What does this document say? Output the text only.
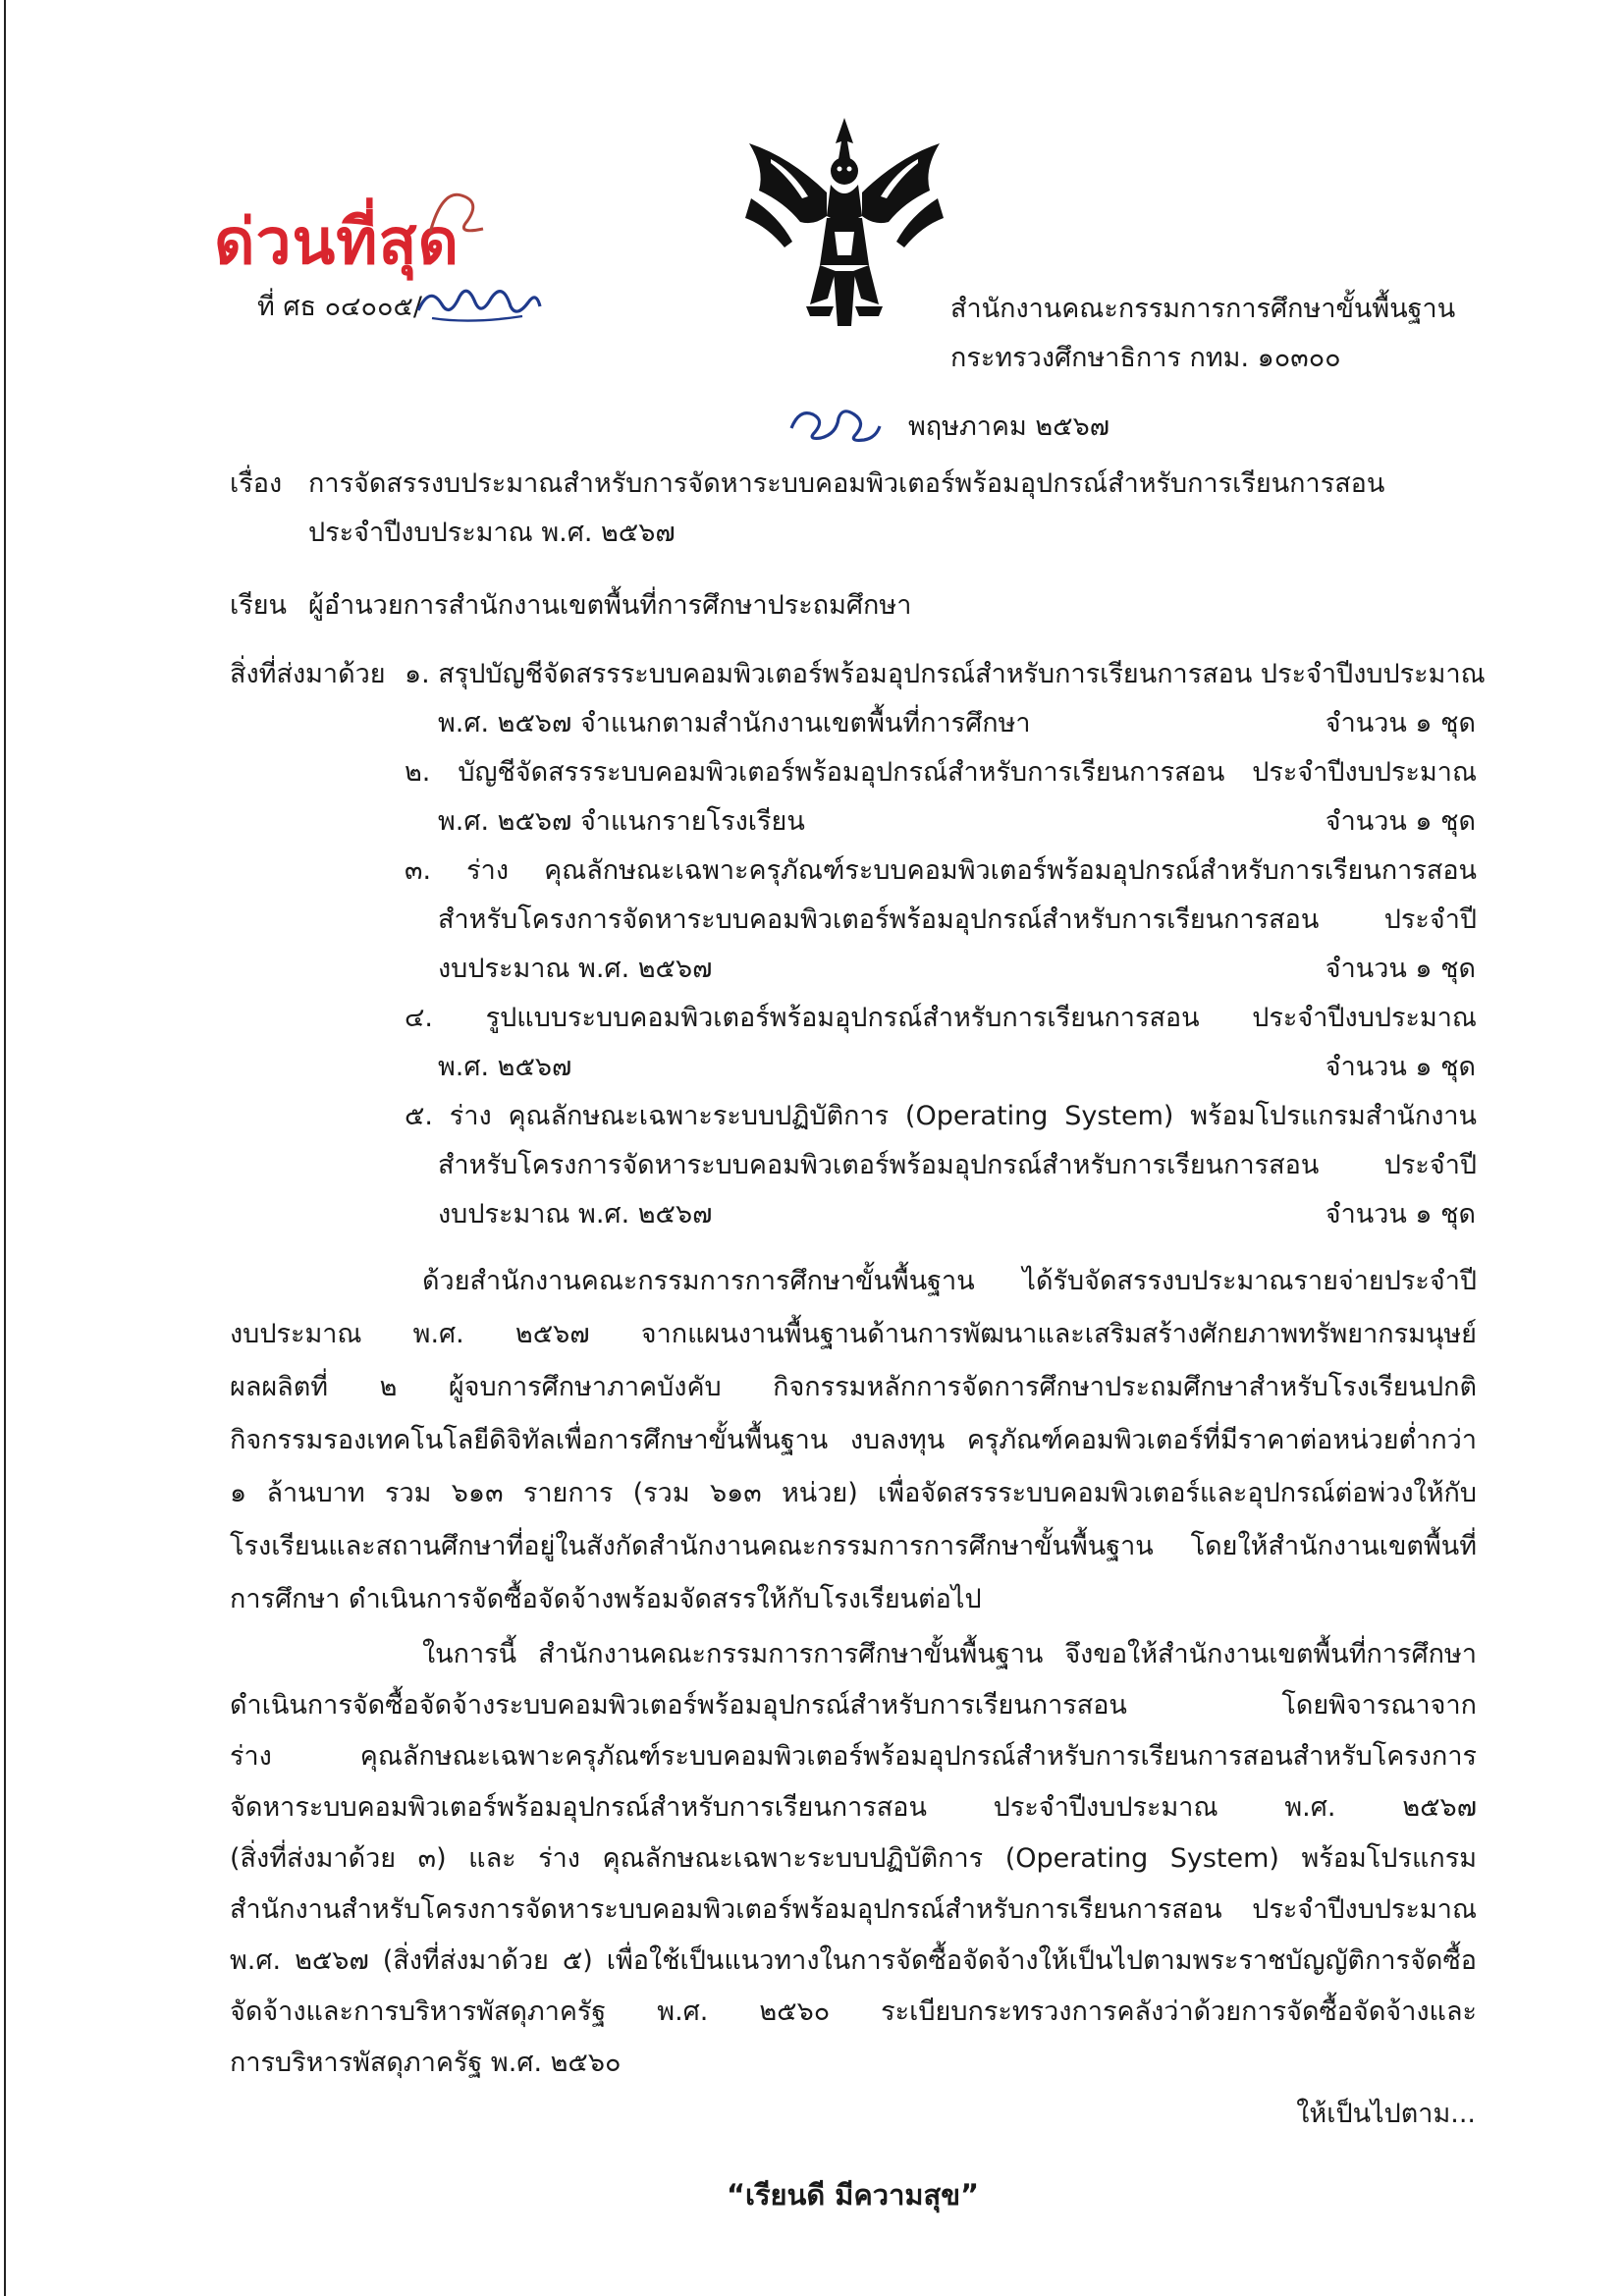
ด่วนที่สุด
ที่ ศธ ๐๔๐๐๕/	สำนักงานคณะกรรมการการศึกษาขั้นพื้นฐาน
กระทรวงศึกษาธิการ กทม. ๑๐๓๐๐
พฤษภาคม ๒๕๖๗
เรื่อง การจัดสรรงบประมาณสำหรับการจัดหาระบบคอมพิวเตอร์พร้อมอุปกรณ์สำหรับการเรียนการสอน
ประจำปีงบประมาณ พ.ศ. ๒๕๖๗
เรียน ผู้อำนวยการสำนักงานเขตพื้นที่การศึกษาประถมศึกษา
สิ่งที่ส่งมาด้วย ๑. สรุปบัญชีจัดสรรระบบคอมพิวเตอร์พร้อมอุปกรณ์สำหรับการเรียนการสอน ประจำปีงบประมาณ
พ.ศ. ๒๕๖๗ จำแนกตามสำนักงานเขตพื้นที่การศึกษา	จำนวน ๑ ชุด
๒. บัญชีจัดสรรระบบคอมพิวเตอร์พร้อมอุปกรณ์สำหรับการเรียนการสอน ประจำปีงบประมาณ
พ.ศ. ๒๕๖๗ จำแนกรายโรงเรียน	จำนวน ๑ ชุด
๓. ร่าง คุณลักษณะเฉพาะครุภัณฑ์ระบบคอมพิวเตอร์พร้อมอุปกรณ์สำหรับการเรียนการสอน
สำหรับโครงการจัดหาระบบคอมพิวเตอร์พร้อมอุปกรณ์สำหรับการเรียนการสอน ประจำปี
งบประมาณ พ.ศ. ๒๕๖๗	จำนวน ๑ ชุด
๔. รูปแบบระบบคอมพิวเตอร์พร้อมอุปกรณ์สำหรับการเรียนการสอน ประจำปีงบประมาณ
พ.ศ. ๒๕๖๗	จำนวน ๑ ชุด
๕. ร่าง คุณลักษณะเฉพาะระบบปฏิบัติการ (Operating System) พร้อมโปรแกรมสำนักงาน
สำหรับโครงการจัดหาระบบคอมพิวเตอร์พร้อมอุปกรณ์สำหรับการเรียนการสอน ประจำปี
งบประมาณ พ.ศ. ๒๕๖๗	จำนวน ๑ ชุด
ด้วยสำนักงานคณะกรรมการการศึกษาขั้นพื้นฐาน ได้รับจัดสรรงบประมาณรายจ่ายประจำปี
งบประมาณ พ.ศ. ๒๕๖๗ จากแผนงานพื้นฐานด้านการพัฒนาและเสริมสร้างศักยภาพทรัพยากรมนุษย์
ผลผลิตที่ ๒ ผู้จบการศึกษาภาคบังคับ กิจกรรมหลักการจัดการศึกษาประถมศึกษาสำหรับโรงเรียนปกติ
กิจกรรมรองเทคโนโลยีดิจิทัลเพื่อการศึกษาขั้นพื้นฐาน งบลงทุน ครุภัณฑ์คอมพิวเตอร์ที่มีราคาต่อหน่วยต่ำกว่า
๑ ล้านบาท รวม ๖๑๓ รายการ (รวม ๖๑๓ หน่วย) เพื่อจัดสรรระบบคอมพิวเตอร์และอุปกรณ์ต่อพ่วงให้กับ
โรงเรียนและสถานศึกษาที่อยู่ในสังกัดสำนักงานคณะกรรมการการศึกษาขั้นพื้นฐาน โดยให้สำนักงานเขตพื้นที่
การศึกษา ดำเนินการจัดซื้อจัดจ้างพร้อมจัดสรรให้กับโรงเรียนต่อไป
ในการนี้ สำนักงานคณะกรรมการการศึกษาขั้นพื้นฐาน จึงขอให้สำนักงานเขตพื้นที่การศึกษา
ดำเนินการจัดซื้อจัดจ้างระบบคอมพิวเตอร์พร้อมอุปกรณ์สำหรับการเรียนการสอน โดยพิจารณาจาก
ร่าง คุณลักษณะเฉพาะครุภัณฑ์ระบบคอมพิวเตอร์พร้อมอุปกรณ์สำหรับการเรียนการสอนสำหรับโครงการ
จัดหาระบบคอมพิวเตอร์พร้อมอุปกรณ์สำหรับการเรียนการสอน ประจำปีงบประมาณ พ.ศ. ๒๕๖๗
(สิ่งที่ส่งมาด้วย ๓) และ ร่าง คุณลักษณะเฉพาะระบบปฏิบัติการ (Operating System) พร้อมโปรแกรม
สำนักงานสำหรับโครงการจัดหาระบบคอมพิวเตอร์พร้อมอุปกรณ์สำหรับการเรียนการสอน ประจำปีงบประมาณ
พ.ศ. ๒๕๖๗ (สิ่งที่ส่งมาด้วย ๕) เพื่อใช้เป็นแนวทางในการจัดซื้อจัดจ้างให้เป็นไปตามพระราชบัญญัติการจัดซื้อ
จัดจ้างและการบริหารพัสดุภาครัฐ พ.ศ. ๒๕๖๐ ระเบียบกระทรวงการคลังว่าด้วยการจัดซื้อจัดจ้างและ
การบริหารพัสดุภาครัฐ พ.ศ. ๒๕๖๐
ให้เป็นไปตาม...
“เรียนดี มีความสุข”
